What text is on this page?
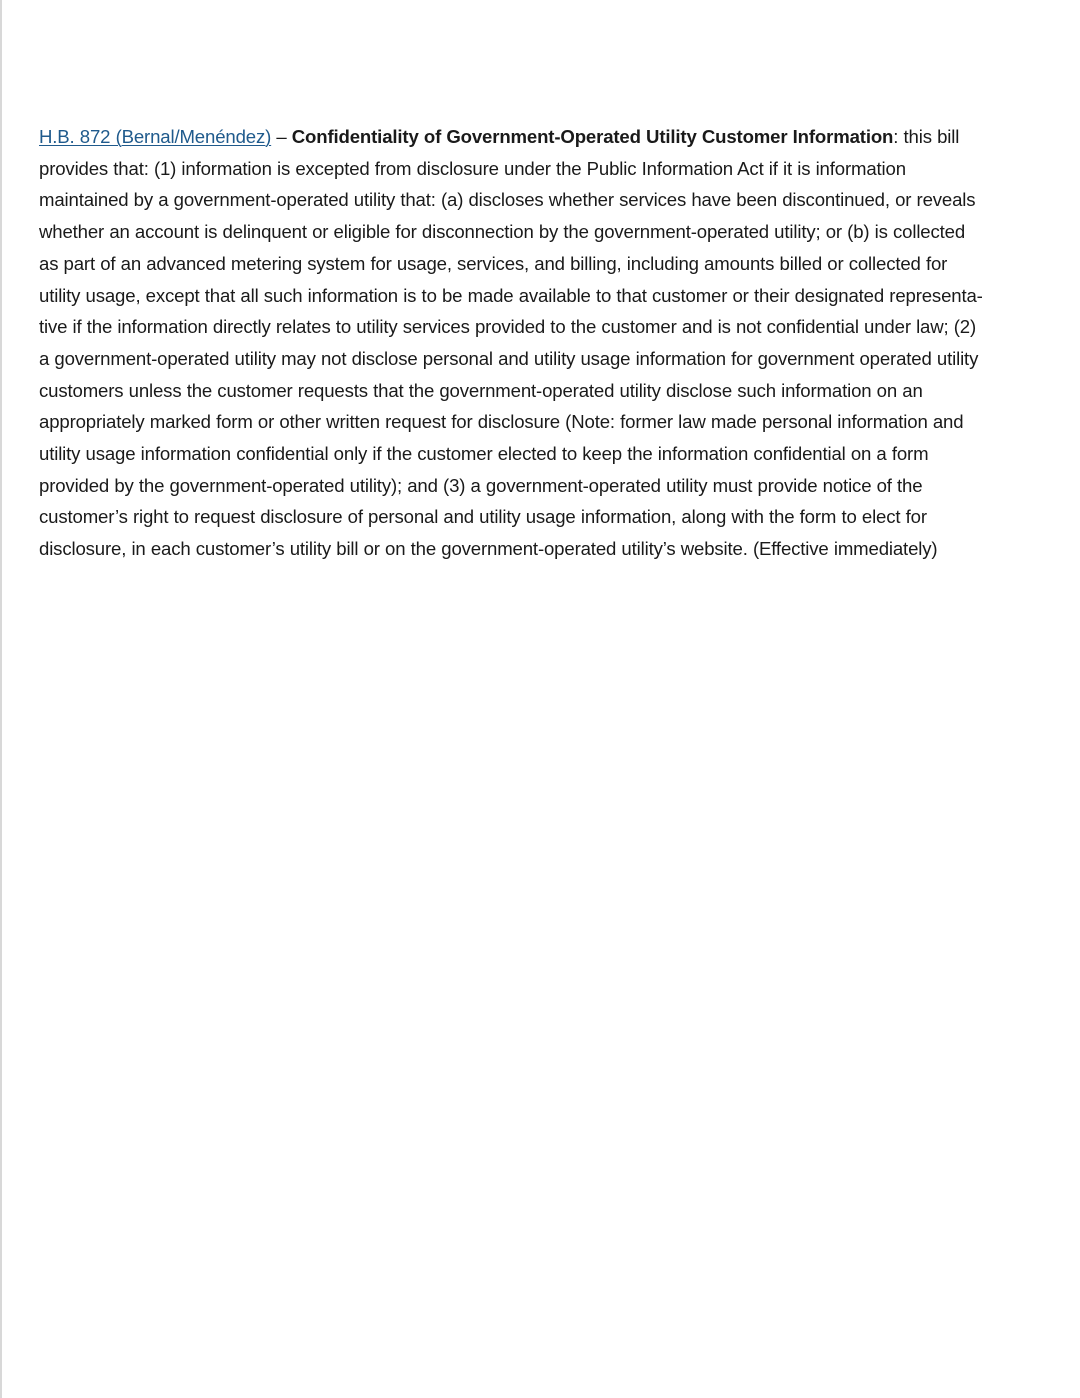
H.B. 872 (Bernal/Menéndez) – Confidentiality of Government-Operated Utility Customer Information: this bill
provides that: (1) information is excepted from disclosure under the Public Information Act if it is information
maintained by a government-operated utility that: (a) discloses whether services have been discontinued, or reveals
whether an account is delinquent or eligible for disconnection by the government-operated utility; or (b) is collected
as part of an advanced metering system for usage, services, and billing, including amounts billed or collected for
utility usage, except that all such information is to be made available to that customer or their designated representa-
tive if the information directly relates to utility services provided to the customer and is not confidential under law; (2)
a government-operated utility may not disclose personal and utility usage information for government operated utility
customers unless the customer requests that the government-operated utility disclose such information on an
appropriately marked form or other written request for disclosure (Note: former law made personal information and
utility usage information confidential only if the customer elected to keep the information confidential on a form
provided by the government-operated utility); and (3) a government-operated utility must provide notice of the
customer’s right to request disclosure of personal and utility usage information, along with the form to elect for
disclosure, in each customer’s utility bill or on the government-operated utility’s website. (Effective immediately)
